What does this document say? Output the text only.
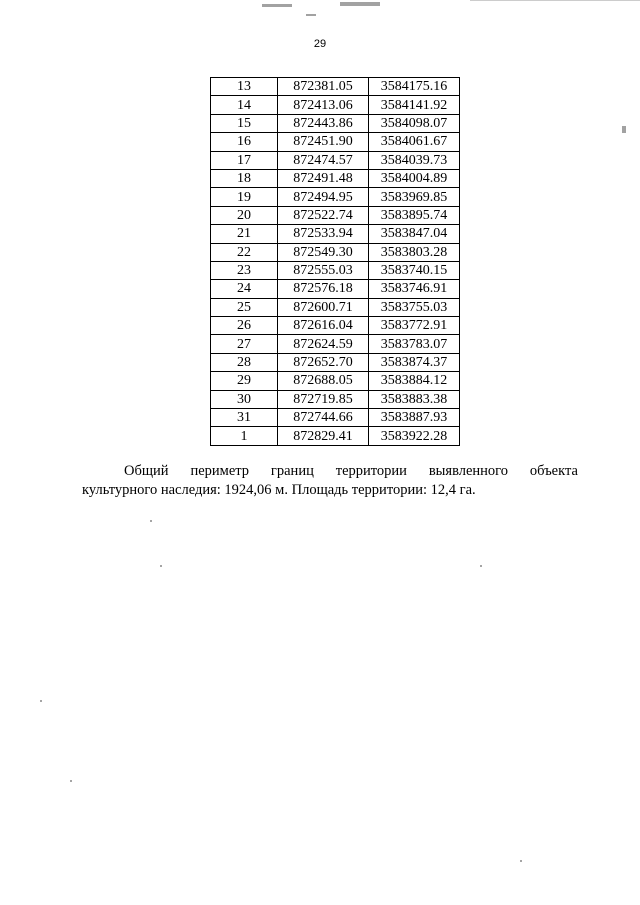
29
13	872381.05	3584175.16
14	872413.06	3584141.92
15	872443.86	3584098.07
16	872451.90	3584061.67
17	872474.57	3584039.73
18	872491.48	3584004.89
19	872494.95	3583969.85
20	872522.74	3583895.74
21	872533.94	3583847.04
22	872549.30	3583803.28
23	872555.03	3583740.15
24	872576.18	3583746.91
25	872600.71	3583755.03
26	872616.04	3583772.91
27	872624.59	3583783.07
28	872652.70	3583874.37
29	872688.05	3583884.12
30	872719.85	3583883.38
31	872744.66	3583887.93
1	872829.41	3583922.28
Общий периметр границ территории выявленного объекта
культурного наследия: 1924,06 м. Площадь территории: 12,4 га.
